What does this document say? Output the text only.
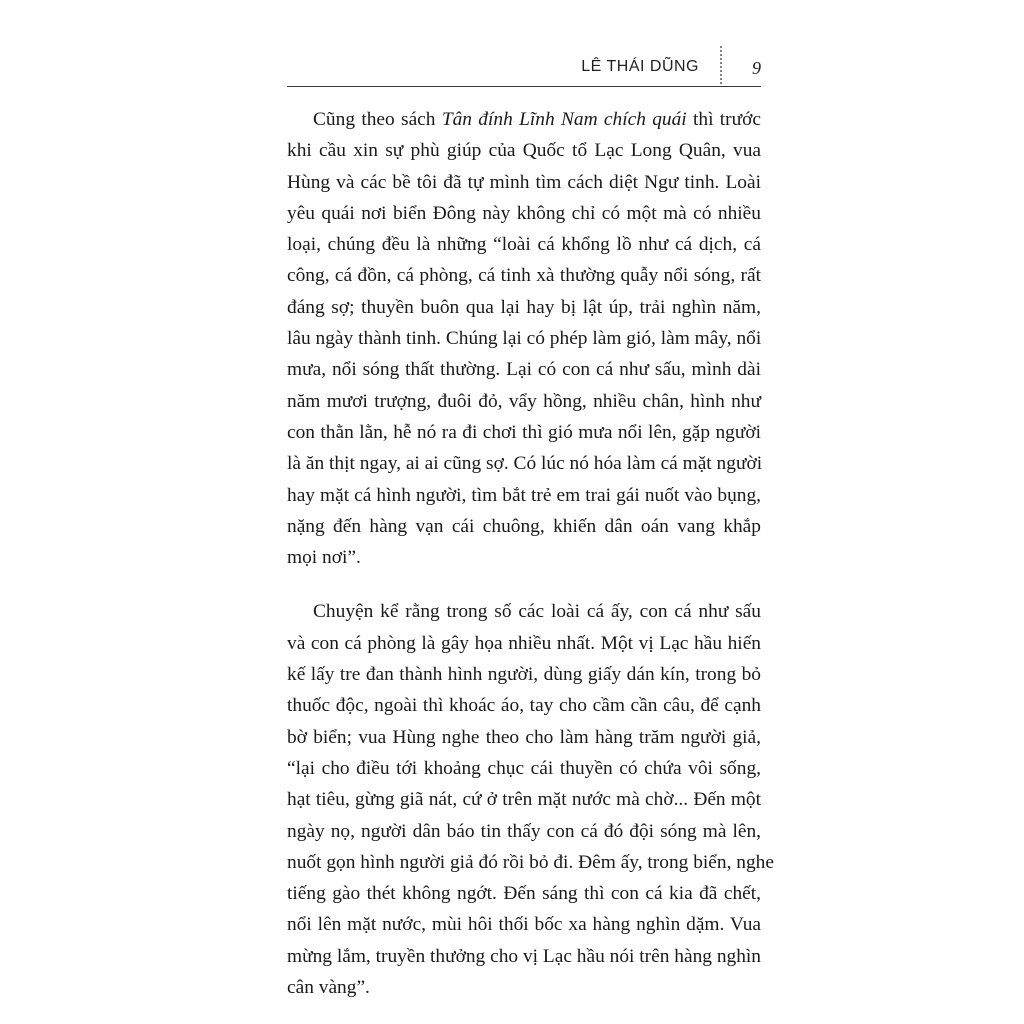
LÊ THÁI DŨNG	9
Cũng theo sách Tân đính Lĩnh Nam chích quái thì trước
khi cầu xin sự phù giúp của Quốc tổ Lạc Long Quân, vua
Hùng và các bề tôi đã tự mình tìm cách diệt Ngư tinh. Loài
yêu quái nơi biển Đông này không chỉ có một mà có nhiều
loại, chúng đều là những “loài cá khổng lồ như cá dịch, cá
công, cá đồn, cá phòng, cá tinh xà thường quẫy nổi sóng, rất
đáng sợ; thuyền buôn qua lại hay bị lật úp, trải nghìn năm,
lâu ngày thành tinh. Chúng lại có phép làm gió, làm mây, nổi
mưa, nổi sóng thất thường. Lại có con cá như sấu, mình dài
năm mươi trượng, đuôi đỏ, vẩy hồng, nhiều chân, hình như
con thằn lằn, hễ nó ra đi chơi thì gió mưa nổi lên, gặp người
là ăn thịt ngay, ai ai cũng sợ. Có lúc nó hóa làm cá mặt người
hay mặt cá hình người, tìm bắt trẻ em trai gái nuốt vào bụng,
nặng đến hàng vạn cái chuông, khiến dân oán vang khắp
mọi nơi”.
Chuyện kể rằng trong số các loài cá ấy, con cá như sấu
và con cá phòng là gây họa nhiều nhất. Một vị Lạc hầu hiến
kế lấy tre đan thành hình người, dùng giấy dán kín, trong bỏ
thuốc độc, ngoài thì khoác áo, tay cho cầm cần câu, để cạnh
bờ biển; vua Hùng nghe theo cho làm hàng trăm người giả,
“lại cho điều tới khoảng chục cái thuyền có chứa vôi sống,
hạt tiêu, gừng giã nát, cứ ở trên mặt nước mà chờ... Đến một
ngày nọ, người dân báo tin thấy con cá đó đội sóng mà lên,
nuốt gọn hình người giả đó rồi bỏ đi. Đêm ấy, trong biển, nghe
tiếng gào thét không ngớt. Đến sáng thì con cá kia đã chết,
nổi lên mặt nước, mùi hôi thối bốc xa hàng nghìn dặm. Vua
mừng lắm, truyền thưởng cho vị Lạc hầu nói trên hàng nghìn
cân vàng”.
